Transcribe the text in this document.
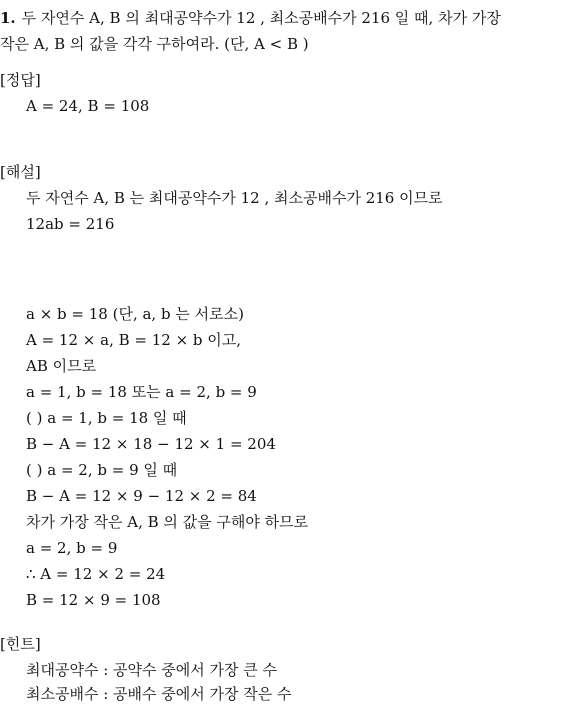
1. 두 자연수 A, B 의 최대공약수가 12 , 최소공배수가 216 일 때, 차가 가장
작은 A, B 의 값을 각각 구하여라. (단, A < B )
[정답]
A = 24, B = 108
[해설]
두 자연수 A, B 는 최대공약수가 12 , 최소공배수가 216 이므로
12ab = 216
a × b = 18 (단, a, b 는 서로소)
A = 12 × a, B = 12 × b 이고,
AB 이므로
a = 1, b = 18 또는 a = 2, b = 9
( ) a = 1, b = 18 일 때
B − A = 12 × 18 − 12 × 1 = 204
( ) a = 2, b = 9 일 때
B − A = 12 × 9 − 12 × 2 = 84
차가 가장 작은 A, B 의 값을 구해야 하므로
a = 2, b = 9
∴ A = 12 × 2 = 24
B = 12 × 9 = 108
[힌트]
최대공약수 : 공약수 중에서 가장 큰 수
최소공배수 : 공배수 중에서 가장 작은 수
